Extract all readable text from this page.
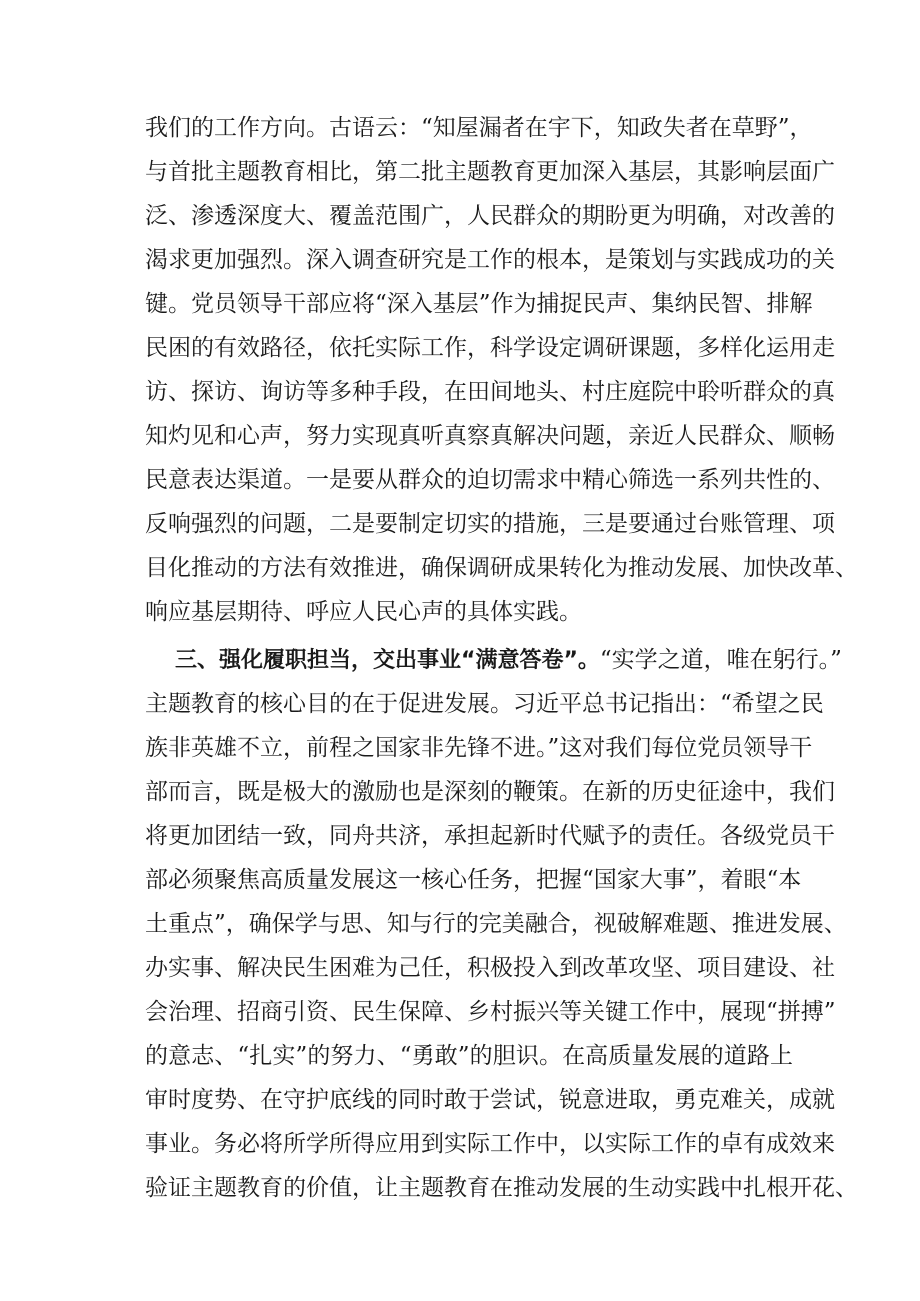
我们的工作方向。古语云：“知屋漏者在宇下，知政失者在草野”，
与首批主题教育相比，第二批主题教育更加深入基层，其影响层面广
泛、渗透深度大、覆盖范围广，人民群众的期盼更为明确，对改善的
渴求更加强烈。深入调查研究是工作的根本，是策划与实践成功的关
键。党员领导干部应将“深入基层”作为捕捉民声、集纳民智、排解
民困的有效路径，依托实际工作，科学设定调研课题，多样化运用走
访、探访、询访等多种手段，在田间地头、村庄庭院中聆听群众的真
知灼见和心声，努力实现真听真察真解决问题，亲近人民群众、顺畅
民意表达渠道。一是要从群众的迫切需求中精心筛选一系列共性的、
反响强烈的问题，二是要制定切实的措施，三是要通过台账管理、项
目化推动的方法有效推进，确保调研成果转化为推动发展、加快改革、
响应基层期待、呼应人民心声的具体实践。
三、强化履职担当，交出事业“满意答卷”。“实学之道，唯在躬行。”
主题教育的核心目的在于促进发展。习近平总书记指出：“希望之民
族非英雄不立，前程之国家非先锋不进。”这对我们每位党员领导干
部而言，既是极大的激励也是深刻的鞭策。在新的历史征途中，我们
将更加团结一致，同舟共济，承担起新时代赋予的责任。各级党员干
部必须聚焦高质量发展这一核心任务，把握“国家大事”，着眼“本
土重点”，确保学与思、知与行的完美融合，视破解难题、推进发展、
办实事、解决民生困难为己任，积极投入到改革攻坚、项目建设、社
会治理、招商引资、民生保障、乡村振兴等关键工作中，展现“拼搏”
的意志、“扎实”的努力、“勇敢”的胆识。在高质量发展的道路上
审时度势、在守护底线的同时敢于尝试，锐意进取，勇克难关，成就
事业。务必将所学所得应用到实际工作中，以实际工作的卓有成效来
验证主题教育的价值，让主题教育在推动发展的生动实践中扎根开花、
